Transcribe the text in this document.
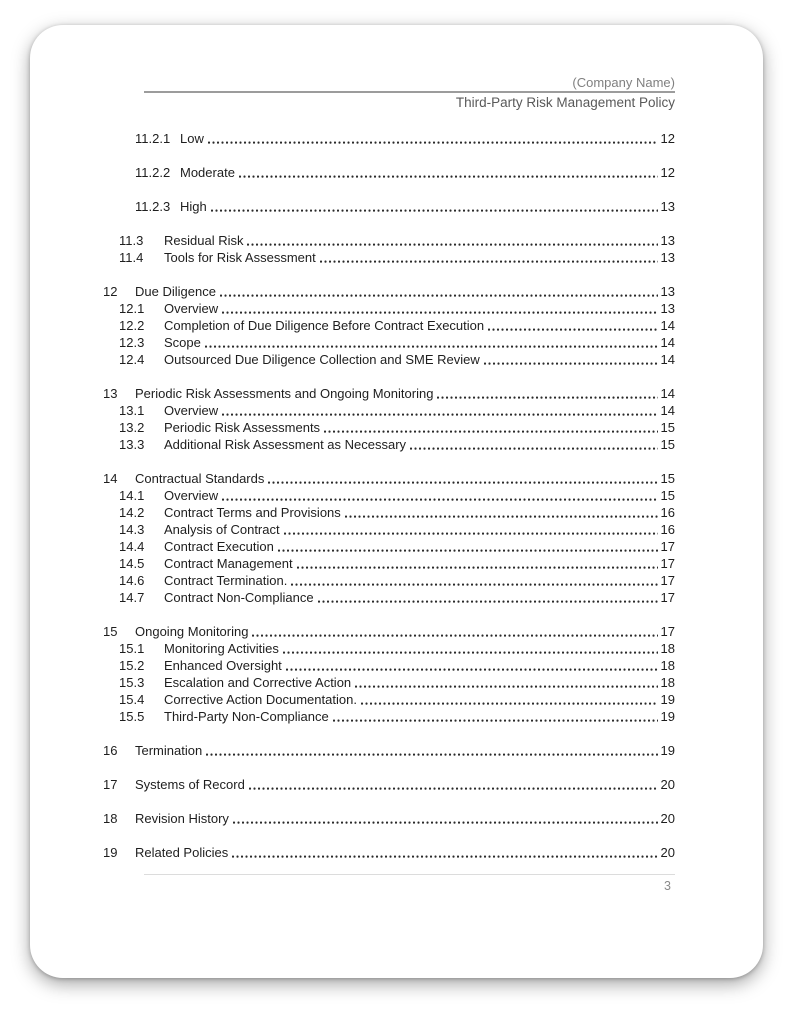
(Company Name)
Third-Party Risk Management Policy
11.2.1 Low	12
11.2.2 Moderate	12
11.2.3 High	13
11.3	Residual Risk	13
11.4	Tools for Risk Assessment	13
12	Due Diligence	13
12.1	Overview	13
12.2	Completion of Due Diligence Before Contract Execution	14
12.3	Scope	14
12.4	Outsourced Due Diligence Collection and SME Review	14
13	Periodic Risk Assessments and Ongoing Monitoring	14
13.1	Overview	14
13.2	Periodic Risk Assessments	15
13.3	Additional Risk Assessment as Necessary	15
14	Contractual Standards	15
14.1	Overview	15
14.2	Contract Terms and Provisions	16
14.3	Analysis of Contract	16
14.4	Contract Execution	17
14.5	Contract Management	17
14.6	Contract Termination.	17
14.7	Contract Non-Compliance	17
15	Ongoing Monitoring	17
15.1	Monitoring Activities	18
15.2	Enhanced Oversight	18
15.3	Escalation and Corrective Action	18
15.4	Corrective Action Documentation.	19
15.5	Third-Party Non-Compliance	19
16	Termination	19
17	Systems of Record	20
18	Revision History	20
19	Related Policies	20
3
